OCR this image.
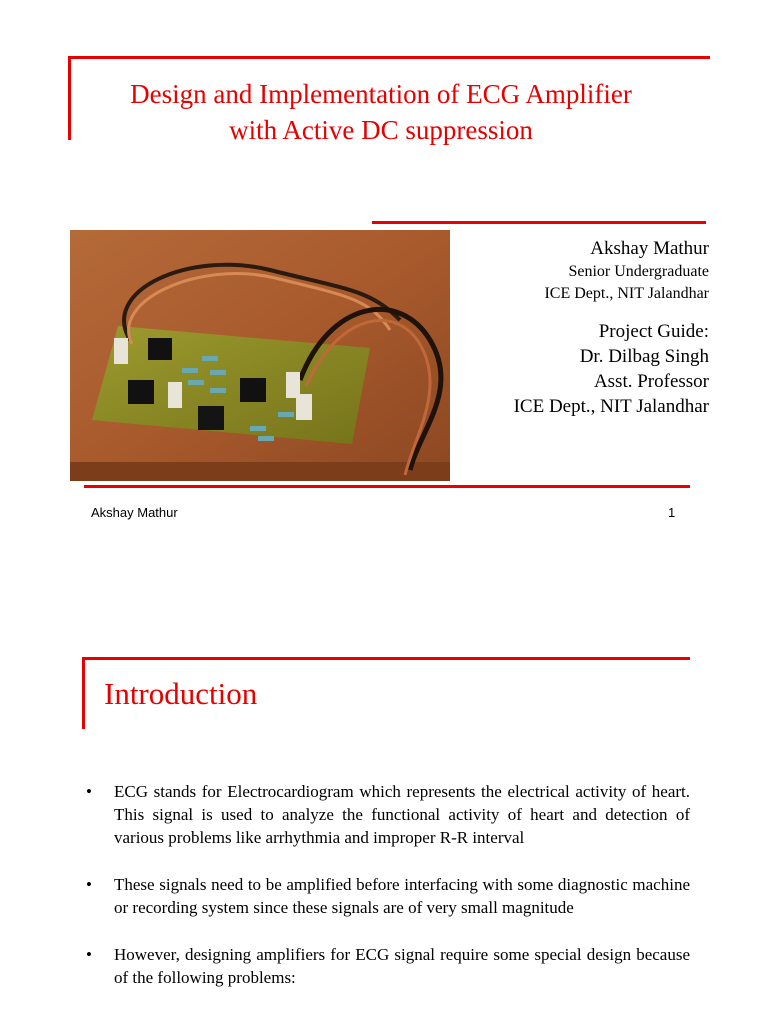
Design and Implementation of ECG Amplifier
with Active DC suppression
Akshay Mathur
Senior Undergraduate
ICE Dept., NIT Jalandhar
Project Guide:
Dr. Dilbag Singh
Asst. Professor
ICE Dept., NIT Jalandhar
Akshay Mathur	1
Introduction
• ECG stands for Electrocardiogram which represents the electrical activity of heart. This signal is used to analyze the functional activity of heart and detection of various problems like arrhythmia and improper R-R interval
• These signals need to be amplified before interfacing with some diagnostic machine or recording system since these signals are of very small magnitude
• However, designing amplifiers for ECG signal require some special design because of the following problems:
